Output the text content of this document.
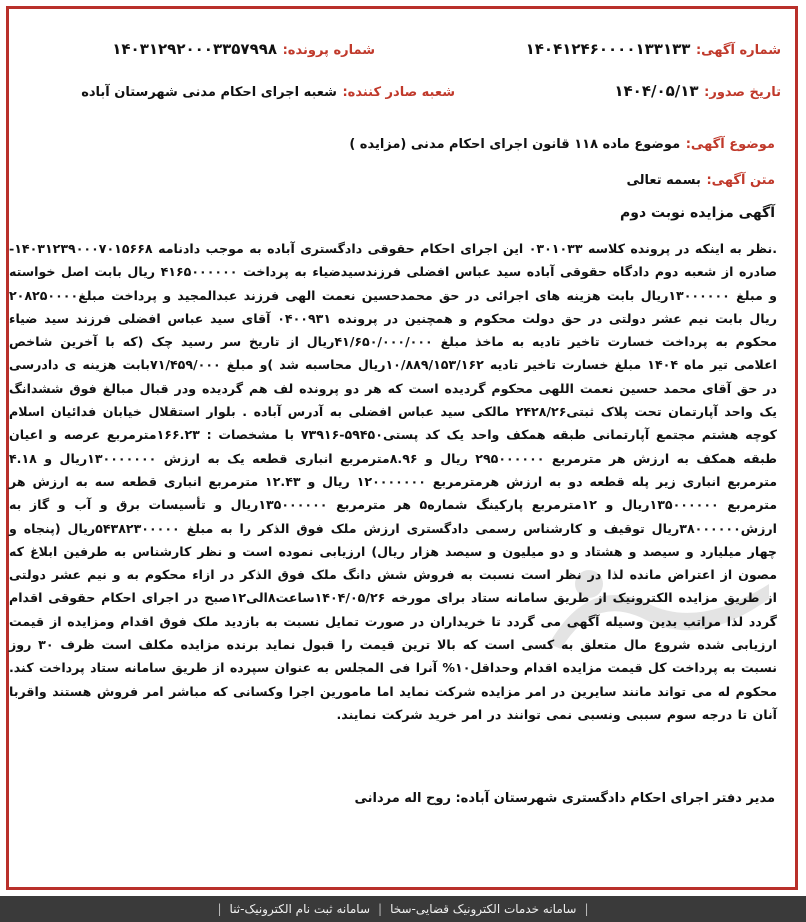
شماره آگهی: ۱۴۰۴۱۲۴۶۰۰۰۰۱۳۳۱۳۳
شماره پرونده: ۱۴۰۳۱۲۹۲۰۰۰۳۳۵۷۹۹۸
تاریخ صدور: ۱۴۰۴/۰۵/۱۳
شعبه صادر کننده: شعبه اجرای احکام مدنی شهرستان آباده
موضوع آگهی: موضوع ماده ۱۱۸ قانون اجرای احکام مدنی (مزایده )
متن آگهی: بسمه تعالی
آگهی مزایده نوبت دوم

.نظر به اینکه در پرونده کلاسه ۰۳۰۱۰۳۳ این اجرای احکام حقوقی دادگستری آباده به موجب دادنامه ۱۴۰۳۱۲۳۹۰۰۰۷۰۱۵۶۶۸-صادره از شعبه دوم دادگاه حقوقی آباده سید عباس افضلی فرزندسیدضیاء به پرداخت ۴۱۶۵۰۰۰۰۰۰ ریال بابت اصل خواسته و مبلغ ۱۳۰۰۰۰۰۰ریال بابت هزینه های اجرائی در حق محمدحسین نعمت الهی فرزند عبدالمجید و پرداخت مبلغ۲۰۸۲۵۰۰۰۰ ریال بابت نیم عشر دولتی در حق دولت محکوم و همچنین در پرونده ۰۴۰۰۹۳۱ آقای سید عباس افضلی فرزند سید ضیاء محکوم به پرداخت خسارت تاخیر تادیه به ماخذ مبلغ ۴۱/۶۵۰/۰۰۰/۰۰۰ریال از تاریخ سر رسید چک (که با آخرین شاخص اعلامی تیر ماه ۱۴۰۴ مبلغ خسارت تاخیر تادیه ۱۰/۸۸۹/۱۵۳/۱۶۲ریال محاسبه شد )و مبلغ ۷۱/۴۵۹/۰۰۰بابت هزینه ی دادرسی در حق آقای محمد حسین نعمت اللهی محکوم گردیده است که هر دو پرونده لف هم گردیده ودر قبال مبالغ فوق ششدانگ یک واحد آپارتمان تحت پلاک ثبتی۲۴۲۸/۲۶ مالکی سید عباس افضلی به آدرس آباده . بلوار استقلال خیابان فدائیان اسلام کوچه هشتم مجتمع آپارتمانی طبقه همکف واحد یک کد پستی۵۹۴۵۰-۷۳۹۱۶ با مشخصات : ۱۶۶.۲۳مترمربع عرصه و اعیان طبقه همکف به ارزش هر مترمربع ۲۹۵۰۰۰۰۰۰ ریال و ۸.۹۶مترمربع انباری قطعه یک به ارزش ۱۳۰۰۰۰۰۰۰ریال و ۴.۱۸ مترمربع انباری زیر پله قطعه دو به ارزش هرمترمربع ۱۲۰۰۰۰۰۰۰ ریال و ۱۲.۴۳ مترمربع انباری قطعه سه به ارزش هر مترمربع ۱۳۵۰۰۰۰۰۰ریال و ۱۲مترمربع پارکینگ شماره۵ هر مترمربع ۱۳۵۰۰۰۰۰۰ریال و تأسیسات برق و آب و گاز به ارزش۳۸۰۰۰۰۰۰ریال توقیف و کارشناس رسمی دادگستری ارزش ملک فوق الذکر را به مبلغ ۵۴۳۸۲۳۰۰۰۰۰ریال (پنجاه و چهار میلیارد و سیصد و هشتاد و دو میلیون و سیصد هزار ریال) ارزیابی نموده است و نظر کارشناس به طرفین ابلاغ که مصون از اعتراض مانده لذا در نظر است نسبت به فروش شش دانگ ملک فوق الذکر در ازاء محکوم به و نیم عشر دولتی از طریق مزایده الکترونیک از طریق سامانه ستاد برای مورخه ۱۴۰۴/۰۵/۲۶ساعت۸الی۱۲صبح در اجرای احکام حقوقی اقدام گردد لذا مراتب بدین وسیله آگهی می گردد تا خریداران در صورت تمایل نسبت به بازدید ملک فوق اقدام ومزایده از قیمت ارزیابی شده شروع مال متعلق به کسی است که بالا ترین قیمت را قبول نماید برنده مزایده مکلف است ظرف ۳۰ روز نسبت به پرداخت کل قیمت مزایده اقدام وحداقل۱۰% آنرا فی المجلس به عنوان سپرده از طریق سامانه ستاد پرداخت کند. محکوم له می تواند مانند سایرین در امر مزایده شرکت نماید اما مامورین اجرا وکسانی که مباشر امر فروش هستند واقربا آنان تا درجه سوم سببی ونسبی نمی توانند در امر خرید شرکت نمایند.

مدیر دفتر اجرای احکام دادگستری شهرستان آباده: روح اله مردانی
|
سامانه خدمات الکترونیک قضایی-سخا
|
سامانه ثبت نام الکترونیک-ثنا
|
